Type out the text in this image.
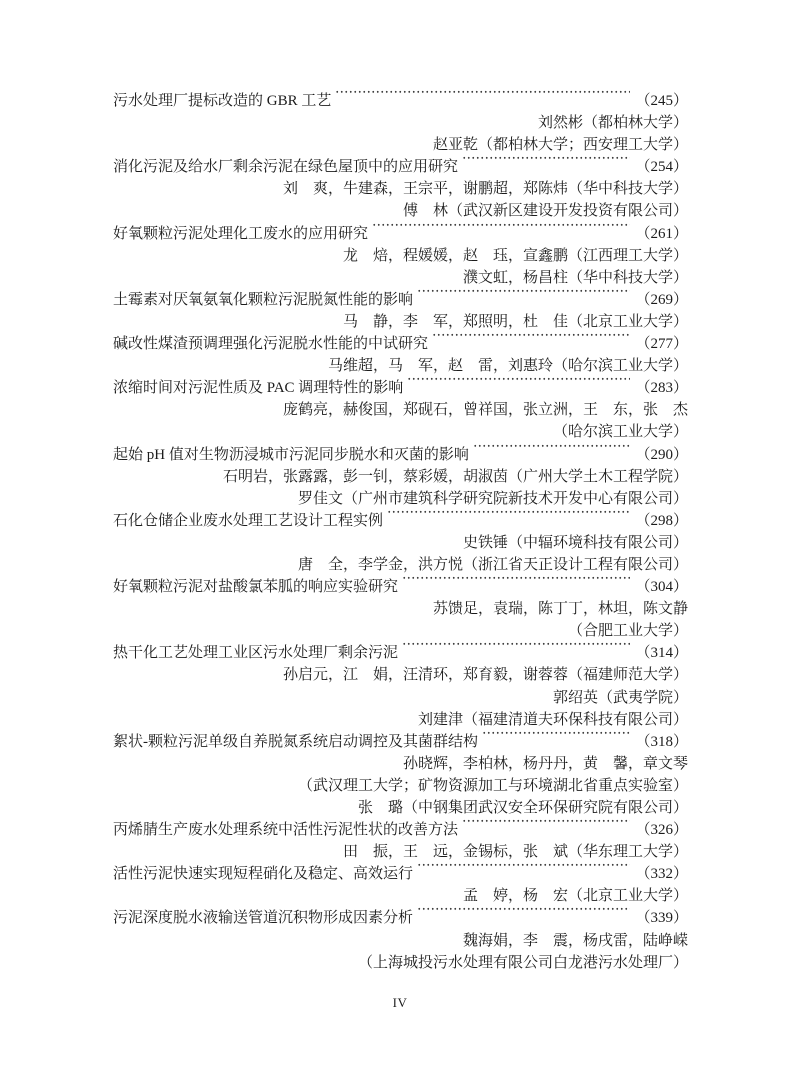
污水处理厂提标改造的 GBR 工艺	（245）
刘然彬（都柏林大学）
赵亚乾（都柏林大学；西安理工大学）
消化污泥及给水厂剩余污泥在绿色屋顶中的应用研究	（254）
刘　爽，牛建森，王宗平，谢鹏超，郑陈炜（华中科技大学）
傅　林（武汉新区建设开发投资有限公司）
好氧颗粒污泥处理化工废水的应用研究	（261）
龙　焙，程媛媛，赵　珏，宣鑫鹏（江西理工大学）
濮文虹，杨昌柱（华中科技大学）
土霉素对厌氧氨氧化颗粒污泥脱氮性能的影响	（269）
马　静，李　军，郑照明，杜　佳（北京工业大学）
碱改性煤渣预调理强化污泥脱水性能的中试研究	（277）
马维超，马　军，赵　雷，刘惠玲（哈尔滨工业大学）
浓缩时间对污泥性质及 PAC 调理特性的影响	（283）
庞鹤亮，赫俊国，郑砚石，曾祥国，张立洲，王　东，张　杰
（哈尔滨工业大学）
起始 pH 值对生物沥浸城市污泥同步脱水和灭菌的影响	（290）
石明岩，张露露，彭一钊，蔡彩媛，胡淑茵（广州大学土木工程学院）
罗佳文（广州市建筑科学研究院新技术开发中心有限公司）
石化仓储企业废水处理工艺设计工程实例	（298）
史铁锤（中辐环境科技有限公司）
唐　全，李学金，洪方悦（浙江省天正设计工程有限公司）
好氧颗粒污泥对盐酸氯苯胍的响应实验研究	（304）
苏馈足，袁瑞，陈丁丁，林坦，陈文静
（合肥工业大学）
热干化工艺处理工业区污水处理厂剩余污泥	（314）
孙启元，江　娟，汪清环，郑育毅，谢蓉蓉（福建师范大学）
郭绍英（武夷学院）
刘建津（福建清道夫环保科技有限公司）
絮状-颗粒污泥单级自养脱氮系统启动调控及其菌群结构	（318）
孙晓辉，李柏林，杨丹丹，黄　馨，章文琴
（武汉理工大学；矿物资源加工与环境湖北省重点实验室）
张　璐（中钢集团武汉安全环保研究院有限公司）
丙烯腈生产废水处理系统中活性污泥性状的改善方法	（326）
田　振，王　远，金锡标，张　斌（华东理工大学）
活性污泥快速实现短程硝化及稳定、高效运行	（332）
孟　婷，杨　宏（北京工业大学）
污泥深度脱水液输送管道沉积物形成因素分析	（339）
魏海娟，李　震，杨戌雷，陆峥嵘
（上海城投污水处理有限公司白龙港污水处理厂）
IV
